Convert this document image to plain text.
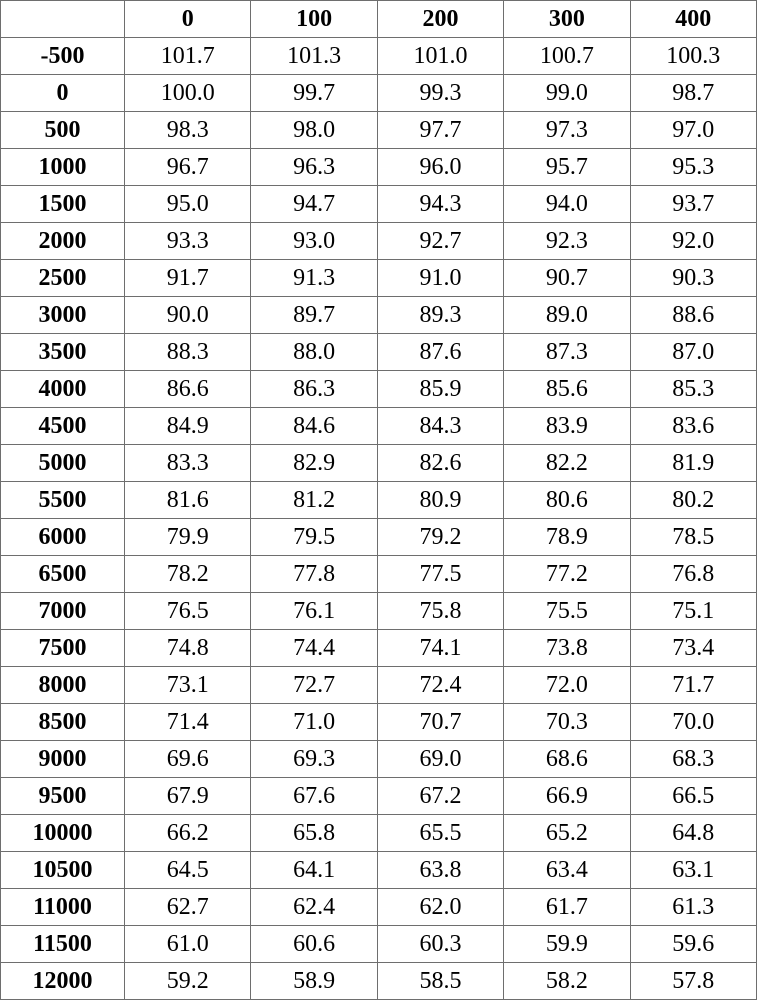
	0	100	200	300	400
-500	101.7	101.3	101.0	100.7	100.3
0	100.0	99.7	99.3	99.0	98.7
500	98.3	98.0	97.7	97.3	97.0
1000	96.7	96.3	96.0	95.7	95.3
1500	95.0	94.7	94.3	94.0	93.7
2000	93.3	93.0	92.7	92.3	92.0
2500	91.7	91.3	91.0	90.7	90.3
3000	90.0	89.7	89.3	89.0	88.6
3500	88.3	88.0	87.6	87.3	87.0
4000	86.6	86.3	85.9	85.6	85.3
4500	84.9	84.6	84.3	83.9	83.6
5000	83.3	82.9	82.6	82.2	81.9
5500	81.6	81.2	80.9	80.6	80.2
6000	79.9	79.5	79.2	78.9	78.5
6500	78.2	77.8	77.5	77.2	76.8
7000	76.5	76.1	75.8	75.5	75.1
7500	74.8	74.4	74.1	73.8	73.4
8000	73.1	72.7	72.4	72.0	71.7
8500	71.4	71.0	70.7	70.3	70.0
9000	69.6	69.3	69.0	68.6	68.3
9500	67.9	67.6	67.2	66.9	66.5
10000	66.2	65.8	65.5	65.2	64.8
10500	64.5	64.1	63.8	63.4	63.1
11000	62.7	62.4	62.0	61.7	61.3
11500	61.0	60.6	60.3	59.9	59.6
12000	59.2	58.9	58.5	58.2	57.8
